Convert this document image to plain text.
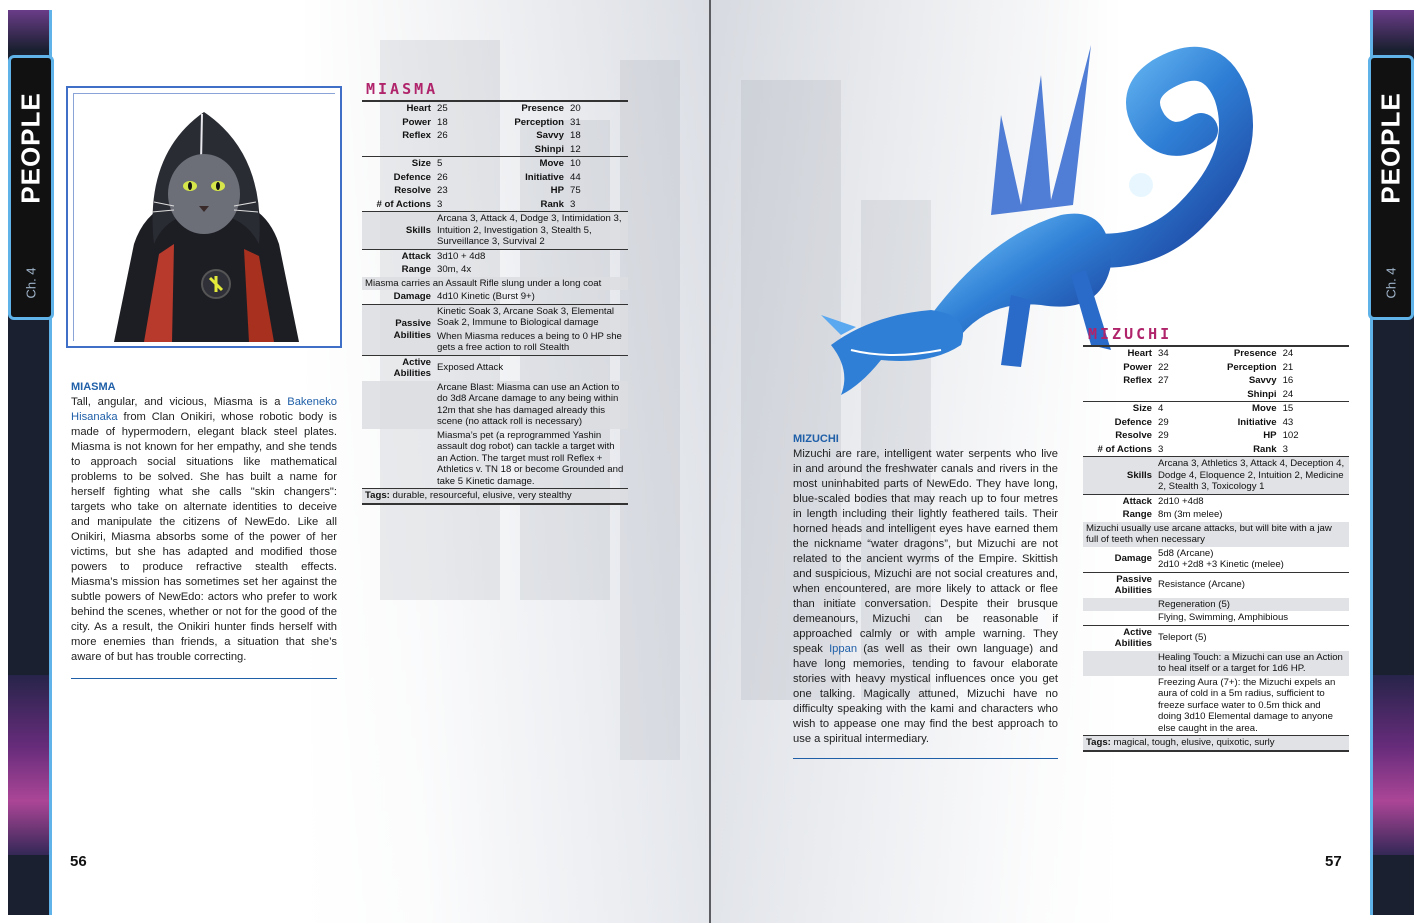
PEOPLE
Ch. 4
MIASMA
Tall, angular, and vicious, Miasma is a Bakeneko Hisanaka from Clan Onikiri, whose robotic body is made of hypermodern, elegant black steel plates. Miasma is not known for her empathy, and she tends to approach social situations like mathematical problems to be solved. She has built a name for herself fighting what she calls "skin changers": targets who take on alternate identities to deceive and manipulate the citizens of NewEdo. Like all Onikiri, Miasma absorbs some of the power of her victims, but she has adapted and modified those powers to produce refractive stealth effects. Miasma’s mission has sometimes set her against the subtle powers of NewEdo: actors who prefer to work behind the scenes, whether or not for the good of the city. As a result, the Onikiri hunter finds herself with more enemies than friends, a situation that she’s aware of but has trouble correcting.
MIASMA
Heart	25	Presence	20
Power	18	Perception	31
Reflex	26	Savvy	18
		Shinpi	12
Size	5	Move	10
Defence	26	Initiative	44
Resolve	23	HP	75
# of Actions	3	Rank	3
Skills	Arcana 3, Attack 4, Dodge 3, Intimidation 3, Intuition 2, Investigation 3, Stealth 5, Surveillance 3, Survival 2		
Attack	3d10 + 4d8		
Range	30m, 4x		
Miasma carries an Assault Rifle slung under a long coat			
Damage	4d10 Kinetic (Burst 9+)		
Passive Abilities	Kinetic Soak 3, Arcane Soak 3, Elemental Soak 2, Immune to Biological damage		
	When Miasma reduces a being to 0 HP she gets a free action to roll Stealth		
Active Abilities	Exposed Attack		
	Arcane Blast: Miasma can use an Action to do 3d8 Arcane damage to any being within 12m that she has damaged already this scene (no attack roll is necessary)		
	Miasma’s pet (a reprogrammed Yashin assault dog robot) can tackle a target with an Action. The target must roll Reflex + Athletics v. TN 18 or become Grounded and take 5 Kinetic damage.		
Tags: durable, resourceful, elusive, very stealthy			
56
PEOPLE
Ch. 4
MIZUCHI
Mizuchi are rare, intelligent water serpents who live in and around the freshwater canals and rivers in the most uninhabited parts of NewEdo. They have long, blue-scaled bodies that may reach up to four metres in length including their lightly feathered tails. Their horned heads and intelligent eyes have earned them the nickname “water dragons”, but Mizuchi are not related to the ancient wyrms of the Empire. Skittish and suspicious, Mizuchi are not social creatures and, when encountered, are more likely to attack or flee than initiate conversation. Despite their brusque demeanours, Mizuchi can be reasonable if approached calmly or with ample warning. They speak Ippan (as well as their own language) and have long memories, tending to favour elaborate stories with heavy mystical influences once you get one talking. Magically attuned, Mizuchi have no difficulty speaking with the kami and characters who wish to appease one may find the best approach to use a spiritual intermediary.
MIZUCHI
Heart	34	Presence	24
Power	22	Perception	21
Reflex	27	Savvy	16
		Shinpi	24
Size	4	Move	15
Defence	29	Initiative	43
Resolve	29	HP	102
# of Actions	3	Rank	3
Skills	Arcana 3, Athletics 3, Attack 4, Deception 4, Dodge 4, Eloquence 2, Intuition 2, Medicine 2, Stealth 3, Toxicology 1		
Attack	2d10 +4d8		
Range	8m (3m melee)		
Mizuchi usually use arcane attacks, but will bite with a jaw full of teeth when necessary			
Damage	5d8 (Arcane)
2d10 +2d8 +3 Kinetic (melee)		
Passive Abilities	Resistance (Arcane)		
	Regeneration (5)		
	Flying, Swimming, Amphibious		
Active Abilities	Teleport (5)		
	Healing Touch: a Mizuchi can use an Action to heal itself or a target for 1d6 HP.		
	Freezing Aura (7+): the Mizuchi expels an aura of cold in a 5m radius, sufficient to freeze surface water to 0.5m thick and doing 3d10 Elemental damage to anyone else caught in the area.		
Tags: magical, tough, elusive, quixotic, surly			
57
